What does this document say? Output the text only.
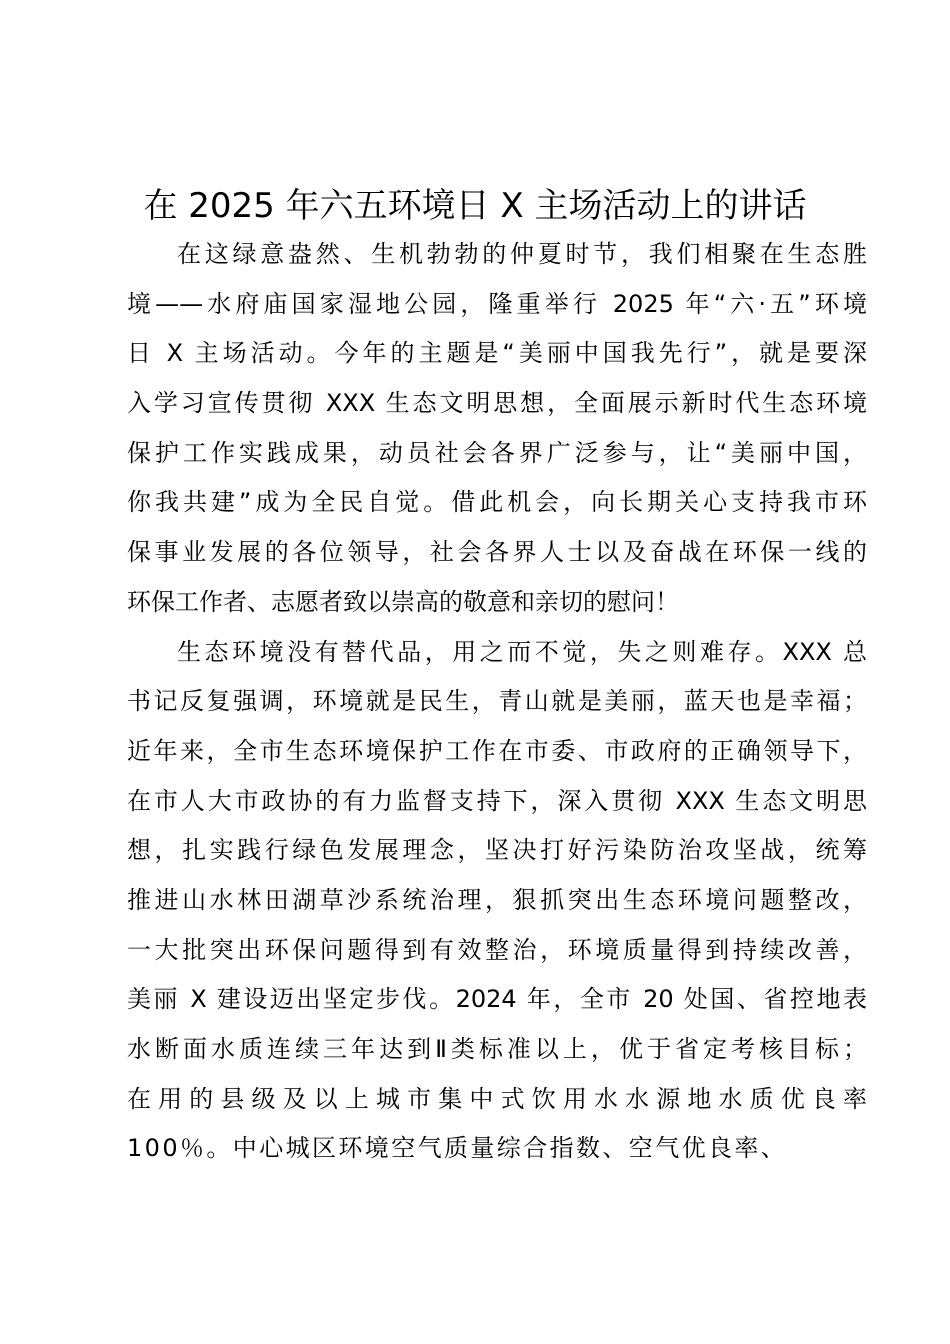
在 2025 年六五环境日 X 主场活动上的讲话
在这绿意盎然、生机勃勃的仲夏时节，我们相聚在生态胜
境——水府庙国家湿地公园，隆重举行 2025 年“六·五”环境
日 X 主场活动。今年的主题是“美丽中国我先行”，就是要深
入学习宣传贯彻 XXX 生态文明思想，全面展示新时代生态环境
保护工作实践成果，动员社会各界广泛参与，让“美丽中国，
你我共建”成为全民自觉。借此机会，向长期关心支持我市环
保事业发展的各位领导，社会各界人士以及奋战在环保一线的
环保工作者、志愿者致以崇高的敬意和亲切的慰问！
生态环境没有替代品，用之而不觉，失之则难存。XXX 总
书记反复强调，环境就是民生，青山就是美丽，蓝天也是幸福；
近年来，全市生态环境保护工作在市委、市政府的正确领导下，
在市人大市政协的有力监督支持下，深入贯彻 XXX 生态文明思
想，扎实践行绿色发展理念，坚决打好污染防治攻坚战，统筹
推进山水林田湖草沙系统治理，狠抓突出生态环境问题整改，
一大批突出环保问题得到有效整治，环境质量得到持续改善，
美丽 X 建设迈出坚定步伐。2024 年，全市 20 处国、省控地表
水断面水质连续三年达到Ⅱ类标准以上，优于省定考核目标；
在用的县级及以上城市集中式饮用水水源地水质优良率
100％。中心城区环境空气质量综合指数、空气优良率、
